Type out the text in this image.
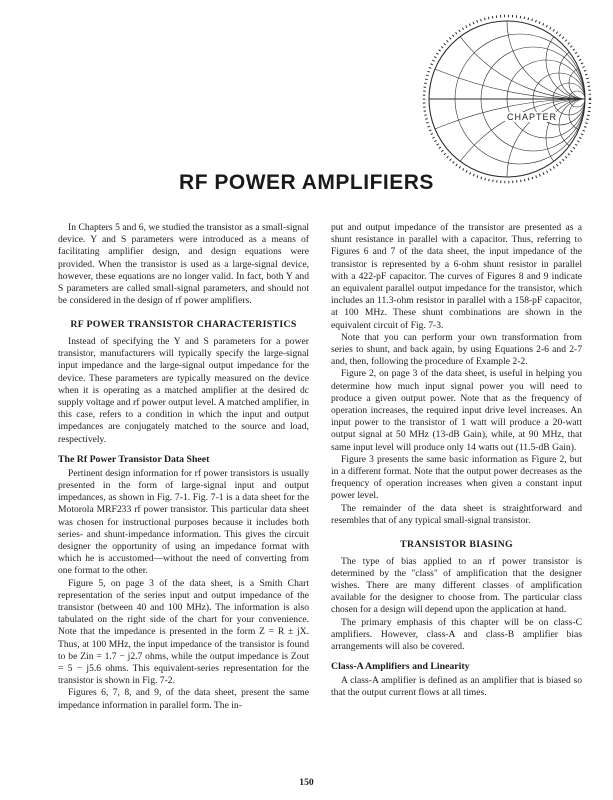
CHAPTER
RF POWER AMPLIFIERS

In Chapters 5 and 6, we studied the transistor as a small-signal device. Y and S parameters were introduced as a means of facilitating amplifier design, and design equations were provided. When the transistor is used as a large-signal device, however, these equations are no longer valid. In fact, both Y and S parameters are called small-signal parameters, and should not be considered in the design of rf power amplifiers.

RF POWER TRANSISTOR CHARACTERISTICS

Instead of specifying the Y and S parameters for a power transistor, manufacturers will typically specify the large-signal input impedance and the large-signal output impedance for the device. These parameters are typically measured on the device when it is operating as a matched amplifier at the desired dc supply voltage and rf power output level. A matched amplifier, in this case, refers to a condition in which the input and output impedances are conjugately matched to the source and load, respectively.

The Rf Power Transistor Data Sheet

Pertinent design information for rf power transistors is usually presented in the form of large-signal input and output impedances, as shown in Fig. 7-1. Fig. 7-1 is a data sheet for the Motorola MRF233 rf power transistor. This particular data sheet was chosen for instructional purposes because it includes both series- and shunt-impedance information. This gives the circuit designer the opportunity of using an impedance format with which he is accustomed—without the need of converting from one format to the other.

Figure 5, on page 3 of the data sheet, is a Smith Chart representation of the series input and output impedance of the transistor (between 40 and 100 MHz). The information is also tabulated on the right side of the chart for your convenience. Note that the impedance is presented in the form Z = R ± jX. Thus, at 100 MHz, the input impedance of the transistor is found to be Zin = 1.7 − j2.7 ohms, while the output impedance is Zout = 5 − j5.6 ohms. This equivalent-series representation for the transistor is shown in Fig. 7-2.

Figures 6, 7, 8, and 9, of the data sheet, present the same impedance information in parallel form. The in-

put and output impedance of the transistor are presented as a shunt resistance in parallel with a capacitor. Thus, referring to Figures 6 and 7 of the data sheet, the input impedance of the transistor is represented by a 6-ohm shunt resistor in parallel with a 422-pF capacitor. The curves of Figures 8 and 9 indicate an equivalent parallel output impedance for the transistor, which includes an 11.3-ohm resistor in parallel with a 158-pF capacitor, at 100 MHz. These shunt combinations are shown in the equivalent circuit of Fig. 7-3.

Note that you can perform your own transformation from series to shunt, and back again, by using Equations 2-6 and 2-7 and, then, following the procedure of Example 2-2.

Figure 2, on page 3 of the data sheet, is useful in helping you determine how much input signal power you will need to produce a given output power. Note that as the frequency of operation increases, the required input drive level increases. An input power to the transistor of 1 watt will produce a 20-watt output signal at 50 MHz (13-dB Gain), while, at 90 MHz, that same input level will produce only 14 watts out (11.5-dB Gain).

Figure 3 presents the same basic information as Figure 2, but in a different format. Note that the output power decreases as the frequency of operation increases when given a constant input power level.

The remainder of the data sheet is straightforward and resembles that of any typical small-signal transistor.

TRANSISTOR BIASING

The type of bias applied to an rf power transistor is determined by the "class" of amplification that the designer wishes. There are many different classes of amplification available for the designer to choose from. The particular class chosen for a design will depend upon the application at hand.

The primary emphasis of this chapter will be on class-C amplifiers. However, class-A and class-B amplifier bias arrangements will also be covered.

Class-A Amplifiers and Linearity

A class-A amplifier is defined as an amplifier that is biased so that the output current flows at all times.

150
